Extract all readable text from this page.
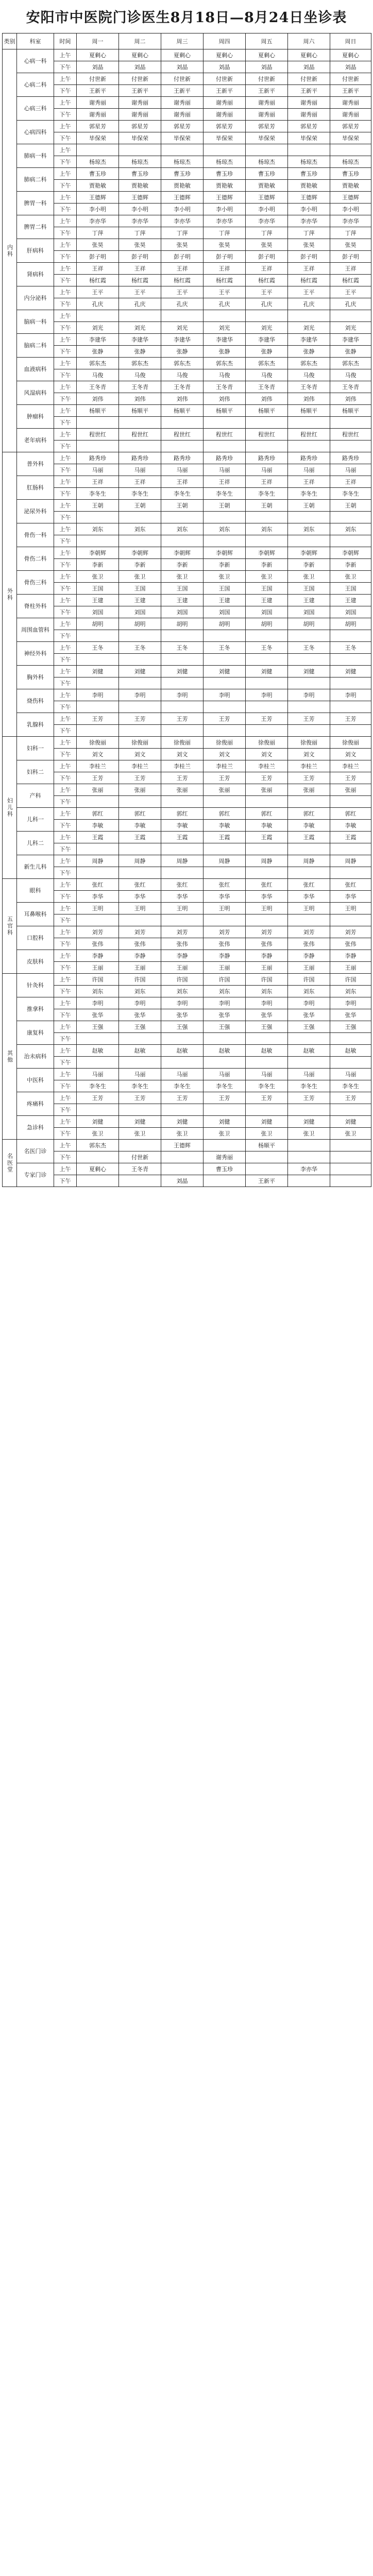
安阳市中医院门诊医生8月18日—8月24日坐诊表
类别	科室	时间	周一	周二	周三	周四	周五	周六	周日
内科	心病一科	上午	夏剩心	夏剩心	夏剩心	夏剩心	夏剩心	夏剩心	夏剩心
		下午	刘晶	刘晶	刘晶	刘晶	刘晶	刘晶	刘晶
	心病二科	上午	付世新	付世新	付世新	付世新	付世新	付世新	付世新
		下午	王新平	王新平	王新平	王新平	王新平	王新平	王新平
	心病三科	上午	谢秀丽	谢秀丽	谢秀丽	谢秀丽	谢秀丽	谢秀丽	谢秀丽
		下午	谢秀丽	谢秀丽	谢秀丽	谢秀丽	谢秀丽	谢秀丽	谢秀丽
	心病四科	上午	郭星芳	郭星芳	郭星芳	郭星芳	郭星芳	郭星芳	郭星芳
		下午	毕保荣	毕保荣	毕保荣	毕保荣	毕保荣	毕保荣	毕保荣
	肺病一科	上午							
		下午	杨琼杰	杨琼杰	杨琼杰	杨琼杰	杨琼杰	杨琼杰	杨琼杰
	肺病二科	上午	曹玉珍	曹玉珍	曹玉珍	曹玉珍	曹玉珍	曹玉珍	曹玉珍
		下午	贾艳敏	贾艳敏	贾艳敏	贾艳敏	贾艳敏	贾艳敏	贾艳敏
	脾胃一科	上午	王德辉	王德辉	王德辉	王德辉	王德辉	王德辉	王德辉
		下午	李小明	李小明	李小明	李小明	李小明	李小明	李小明
	脾胃二科	上午	李亦华	李亦华	李亦华	李亦华	李亦华	李亦华	李亦华
		下午	丁萍	丁萍	丁萍	丁萍	丁萍	丁萍	丁萍
	肝病科	上午	张昊	张昊	张昊	张昊	张昊	张昊	张昊
		下午	彭子明	彭子明	彭子明	彭子明	彭子明	彭子明	彭子明
	肾病科	上午	王祥	王祥	王祥	王祥	王祥	王祥	王祥
		下午	杨红霞	杨红霞	杨红霞	杨红霞	杨红霞	杨红霞	杨红霞
	内分泌科	上午	王平	王平	王平	王平	王平	王平	王平
		下午	孔庆	孔庆	孔庆	孔庆	孔庆	孔庆	孔庆
	脑病一科	上午							
		下午	刘光	刘光	刘光	刘光	刘光	刘光	刘光
	脑病二科	上午	李建华	李建华	李建华	李建华	李建华	李建华	李建华
		下午	张静	张静	张静	张静	张静	张静	张静
	血液病科	上午	郭东杰	郭东杰	郭东杰	郭东杰	郭东杰	郭东杰	郭东杰
		下午	马俊	马俊	马俊	马俊	马俊	马俊	马俊
	风湿病科	上午	王冬青	王冬青	王冬青	王冬青	王冬青	王冬青	王冬青
		下午	刘伟	刘伟	刘伟	刘伟	刘伟	刘伟	刘伟
	肿瘤科	上午	杨顺平	杨顺平	杨顺平	杨顺平	杨顺平	杨顺平	杨顺平
		下午							
	老年病科	上午	程世红	程世红	程世红	程世红	程世红	程世红	程世红
		下午							
外科	普外科	上午	路秀珍	路秀珍	路秀珍	路秀珍	路秀珍	路秀珍	路秀珍
		下午	马丽	马丽	马丽	马丽	马丽	马丽	马丽
	肛肠科	上午	王祥	王祥	王祥	王祥	王祥	王祥	王祥
		下午	李冬生	李冬生	李冬生	李冬生	李冬生	李冬生	李冬生
	泌尿外科	上午	王朝	王朝	王朝	王朝	王朝	王朝	王朝
		下午							
	骨伤一科	上午	刘东	刘东	刘东	刘东	刘东	刘东	刘东
		下午							
	骨伤二科	上午	李朝辉	李朝辉	李朝辉	李朝辉	李朝辉	李朝辉	李朝辉
		下午	李新	李新	李新	李新	李新	李新	李新
	骨伤三科	上午	张卫	张卫	张卫	张卫	张卫	张卫	张卫
		下午	王国	王国	王国	王国	王国	王国	王国
	脊柱外科	上午	王建	王建	王建	王建	王建	王建	王建
		下午	刘国	刘国	刘国	刘国	刘国	刘国	刘国
	周围血管科	上午	胡明	胡明	胡明	胡明	胡明	胡明	胡明
		下午							
	神经外科	上午	王冬	王冬	王冬	王冬	王冬	王冬	王冬
		下午							
	胸外科	上午	刘健	刘健	刘健	刘健	刘健	刘健	刘健
		下午							
	烧伤科	上午	李明	李明	李明	李明	李明	李明	李明
		下午							
	乳腺科	上午	王芳	王芳	王芳	王芳	王芳	王芳	王芳
		下午							
妇儿科	妇科一	上午	徐俊丽	徐俊丽	徐俊丽	徐俊丽	徐俊丽	徐俊丽	徐俊丽
		下午	刘文	刘文	刘文	刘文	刘文	刘文	刘文
	妇科二	上午	李桂兰	李桂兰	李桂兰	李桂兰	李桂兰	李桂兰	李桂兰
		下午	王芳	王芳	王芳	王芳	王芳	王芳	王芳
	产科	上午	张丽	张丽	张丽	张丽	张丽	张丽	张丽
		下午							
	儿科一	上午	郭红	郭红	郭红	郭红	郭红	郭红	郭红
		下午	李敏	李敏	李敏	李敏	李敏	李敏	李敏
	儿科二	上午	王霞	王霞	王霞	王霞	王霞	王霞	王霞
		下午							
	新生儿科	上午	周静	周静	周静	周静	周静	周静	周静
		下午							
五官科	眼科	上午	张红	张红	张红	张红	张红	张红	张红
		下午	李华	李华	李华	李华	李华	李华	李华
	耳鼻喉科	上午	王明	王明	王明	王明	王明	王明	王明
		下午							
	口腔科	上午	刘芳	刘芳	刘芳	刘芳	刘芳	刘芳	刘芳
		下午	张伟	张伟	张伟	张伟	张伟	张伟	张伟
	皮肤科	上午	李静	李静	李静	李静	李静	李静	李静
		下午	王丽	王丽	王丽	王丽	王丽	王丽	王丽
其他	针灸科	上午	许国	许国	许国	许国	许国	许国	许国
		下午	刘东	刘东	刘东	刘东	刘东	刘东	刘东
	推拿科	上午	李明	李明	李明	李明	李明	李明	李明
		下午	张华	张华	张华	张华	张华	张华	张华
	康复科	上午	王强	王强	王强	王强	王强	王强	王强
		下午							
	治未病科	上午	赵敏	赵敏	赵敏	赵敏	赵敏	赵敏	赵敏
		下午							
	中医科	上午	马丽	马丽	马丽	马丽	马丽	马丽	马丽
		下午	李冬生	李冬生	李冬生	李冬生	李冬生	李冬生	李冬生
	疼痛科	上午	王芳	王芳	王芳	王芳	王芳	王芳	王芳
		下午							
	急诊科	上午	刘健	刘健	刘健	刘健	刘健	刘健	刘健
		下午	张卫	张卫	张卫	张卫	张卫	张卫	张卫
名医堂	名医门诊	上午	郭东杰		王德辉		杨顺平		
		下午		付世新		谢秀丽			
	专家门诊	上午	夏剩心	王冬青		曹玉珍		李亦华	
		下午			刘晶		王新平		
